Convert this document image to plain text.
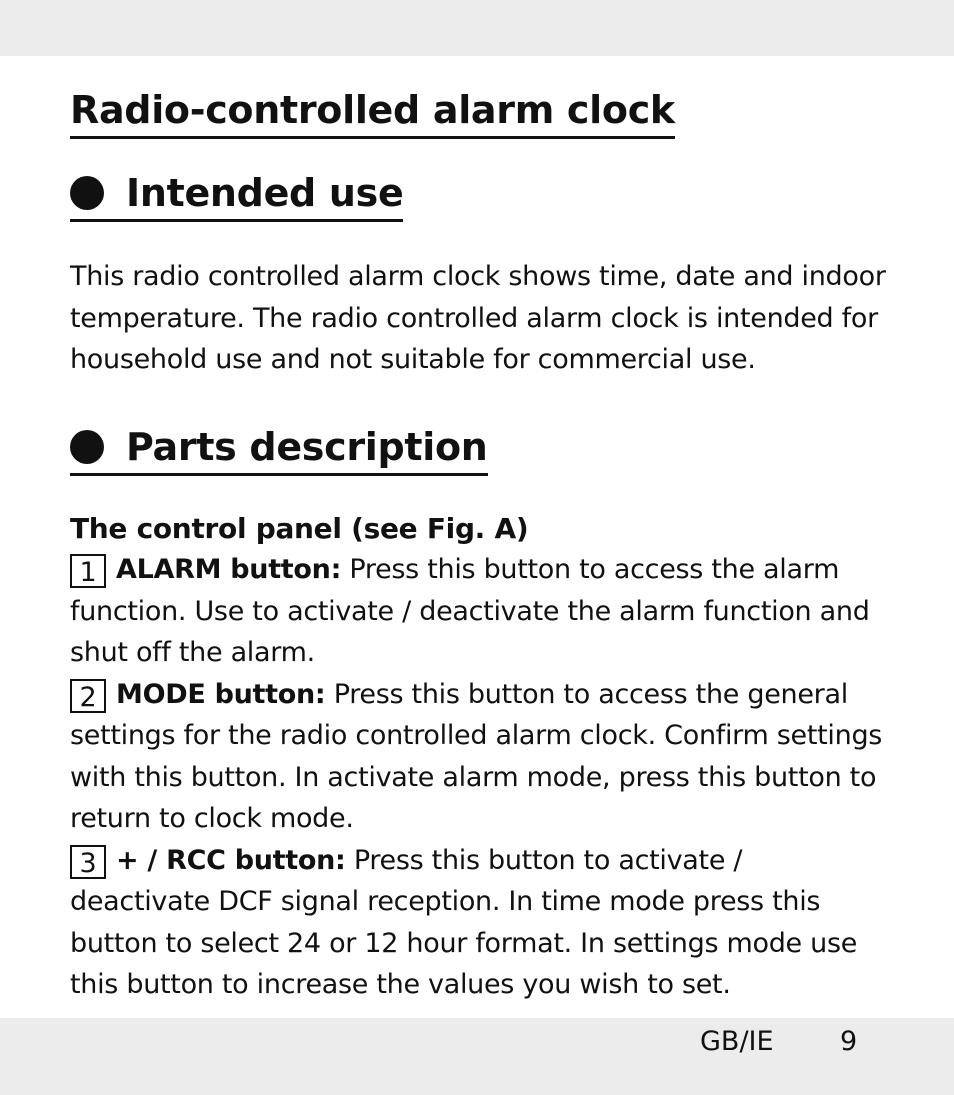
Radio-controlled alarm clock
Intended use

This radio controlled alarm clock shows time, date and indoor temperature. The radio controlled alarm clock is intended for household use and not suitable for commercial use.

Parts description

The control panel (see Fig. A)

1 ALARM button: Press this button to access the alarm function. Use to activate / deactivate the alarm function and shut off the alarm.

2 MODE button: Press this button to access the general settings for the radio controlled alarm clock. Confirm settings with this button. In activate alarm mode, press this button to return to clock mode.

3 + / RCC button: Press this button to activate / deactivate DCF signal reception. In time mode press this button to select 24 or 12 hour format. In settings mode use this button to increase the values you wish to set.

GB/IE 9
